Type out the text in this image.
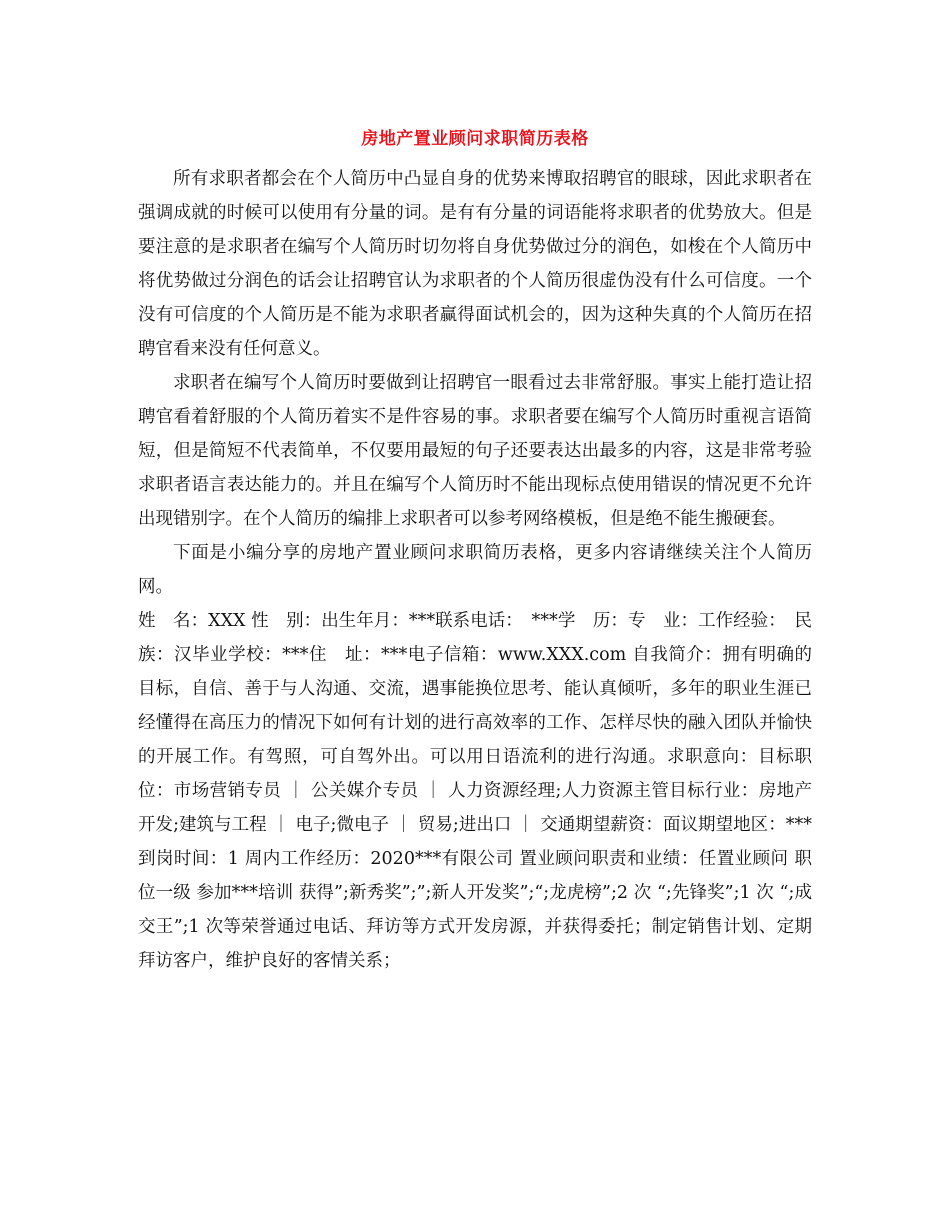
房地产置业顾问求职简历表格

所有求职者都会在个人简历中凸显自身的优势来博取招聘官的眼球，因此求职者在强调成就的时候可以使用有分量的词。是有有分量的词语能将求职者的优势放大。但是要注意的是求职者在编写个人简历时切勿将自身优势做过分的润色，如梭在个人简历中将优势做过分润色的话会让招聘官认为求职者的个人简历很虚伪没有什么可信度。一个没有可信度的个人简历是不能为求职者赢得面试机会的，因为这种失真的个人简历在招聘官看来没有任何意义。

求职者在编写个人简历时要做到让招聘官一眼看过去非常舒服。事实上能打造让招聘官看着舒服的个人简历着实不是件容易的事。求职者要在编写个人简历时重视言语简短，但是简短不代表简单，不仅要用最短的句子还要表达出最多的内容，这是非常考验求职者语言表达能力的。并且在编写个人简历时不能出现标点使用错误的情况更不允许出现错别字。在个人简历的编排上求职者可以参考网络模板，但是绝不能生搬硬套。

下面是小编分享的房地产置业顾问求职简历表格，更多内容请继续关注个人简历网。

姓　名：XXX 性　别：出生年月：***联系电话：　***学　历：专　业：工作经验：　民族：汉毕业学校：***住　址：***电子信箱：www.XXX.com 自我简介：拥有明确的目标，自信、善于与人沟通、交流，遇事能换位思考、能认真倾听，多年的职业生涯已经懂得在高压力的情况下如何有计划的进行高效率的工作、怎样尽快的融入团队并愉快的开展工作。有驾照，可自驾外出。可以用日语流利的进行沟通。求职意向：目标职位：市场营销专员 ｜ 公关媒介专员 ｜ 人力资源经理;人力资源主管目标行业：房地产开发;建筑与工程 ｜ 电子;微电子 ｜ 贸易;进出口 ｜ 交通期望薪资：面议期望地区：***到岗时间：1 周内工作经历：2020***有限公司 置业顾问职责和业绩：任置业顾问 职位一级 参加***培训 获得”;新秀奖”;”;新人开发奖”;“;龙虎榜”;2 次 “;先锋奖”;1 次 “;成交王”;1 次等荣誉通过电话、拜访等方式开发房源，并获得委托；制定销售计划、定期拜访客户，维护良好的客情关系；
